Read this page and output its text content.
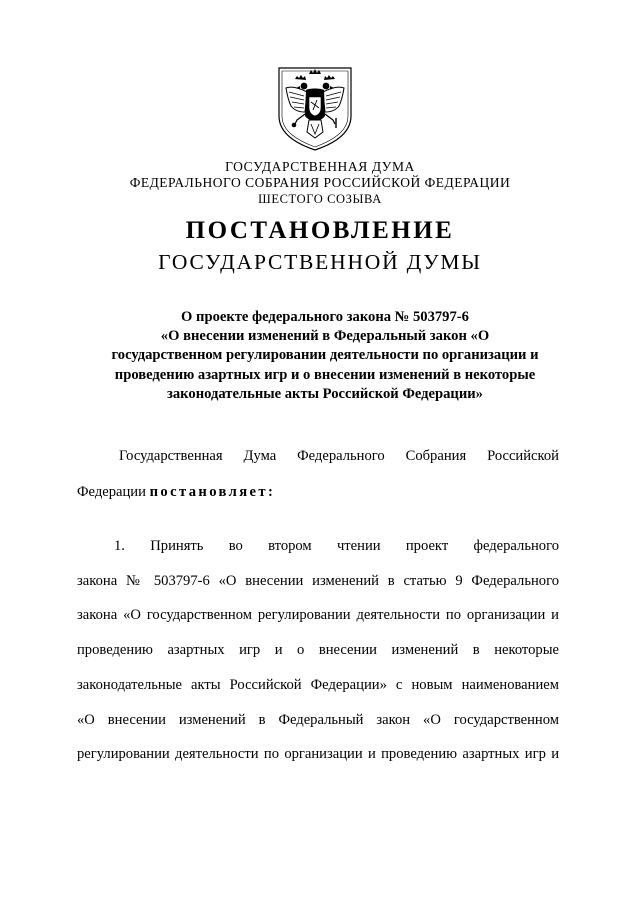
ГОСУДАРСТВЕННАЯ ДУМА
ФЕДЕРАЛЬНОГО СОБРАНИЯ РОССИЙСКОЙ ФЕДЕРАЦИИ
ШЕСТОГО СОЗЫВА
ПОСТАНОВЛЕНИЕ
ГОСУДАРСТВЕННОЙ ДУМЫ
О проекте федерального закона № 503797-6
«О внесении изменений в Федеральный закон «О
государственном регулировании деятельности по организации и
проведению азартных игр и о внесении изменений в некоторые
законодательные акты Российской Федерации»
Государственная Дума Федерального Собрания Российской
Федерации постановляет:
1. Принять во втором чтении проект федерального
закона № 503797-6 «О внесении изменений в статью 9 Федерального
закона «О государственном регулировании деятельности по организации и
проведению азартных игр и о внесении изменений в некоторые
законодательные акты Российской Федерации» с новым наименованием
«О внесении изменений в Федеральный закон «О государственном
регулировании деятельности по организации и проведению азартных игр и
